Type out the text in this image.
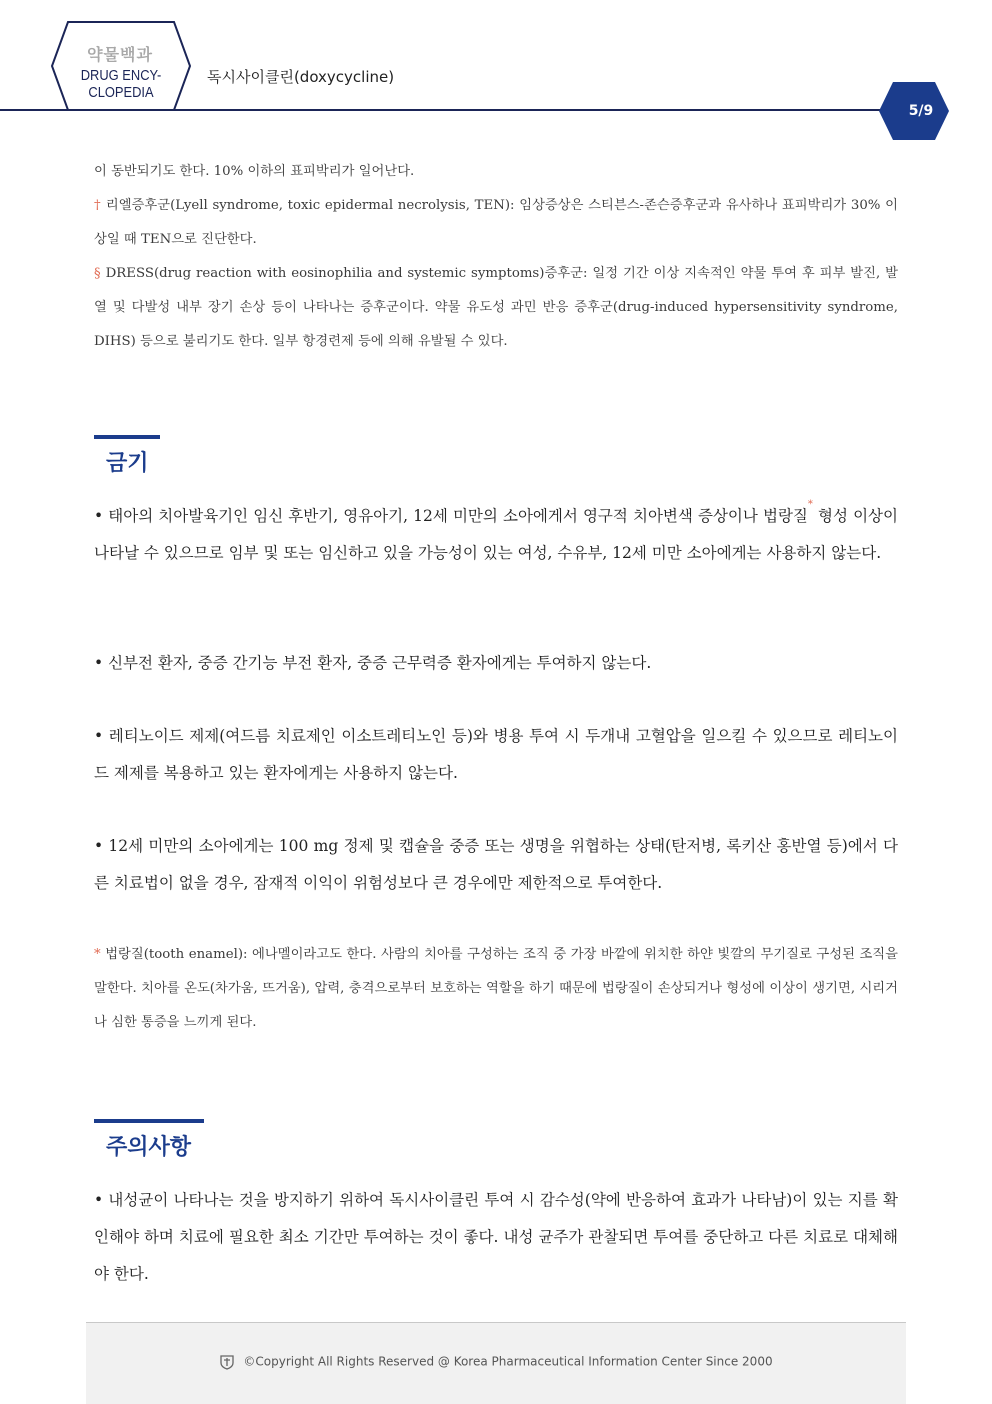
약물백과
DRUG ENCY-
CLOPEDIA
독시사이클린(doxycycline)
5/9

이 동반되기도 한다. 10% 이하의 표피박리가 일어난다.

† 리엘증후군(Lyell syndrome, toxic epidermal necrolysis, TEN): 임상증상은 스티븐스-존슨증후군과 유사하나 표피박리가 30% 이상일 때 TEN으로 진단한다.

§ DRESS(drug reaction with eosinophilia and systemic symptoms)증후군: 일정 기간 이상 지속적인 약물 투여 후 피부 발진, 발열 및 다발성 내부 장기 손상 등이 나타나는 증후군이다. 약물 유도성 과민 반응 증후군(drug-induced hypersensitivity syndrome, DIHS) 등으로 불리기도 한다. 일부 항경련제 등에 의해 유발될 수 있다.

금기

• 태아의 치아발육기인 임신 후반기, 영유아기, 12세 미만의 소아에게서 영구적 치아변색 증상이나 법랑질* 형성 이상이 나타날 수 있으므로 임부 및 또는 임신하고 있을 가능성이 있는 여성, 수유부, 12세 미만 소아에게는 사용하지 않는다.

• 신부전 환자, 중증 간기능 부전 환자, 중증 근무력증 환자에게는 투여하지 않는다.

• 레티노이드 제제(여드름 치료제인 이소트레티노인 등)와 병용 투여 시 두개내 고혈압을 일으킬 수 있으므로 레티노이드 제제를 복용하고 있는 환자에게는 사용하지 않는다.

• 12세 미만의 소아에게는 100 mg 정제 및 캡슐을 중증 또는 생명을 위협하는 상태(탄저병, 록키산 홍반열 등)에서 다른 치료법이 없을 경우, 잠재적 이익이 위험성보다 큰 경우에만 제한적으로 투여한다.

* 법랑질(tooth enamel): 에나멜이라고도 한다. 사람의 치아를 구성하는 조직 중 가장 바깥에 위치한 하얀 빛깔의 무기질로 구성된 조직을 말한다. 치아를 온도(차가움, 뜨거움), 압력, 충격으로부터 보호하는 역할을 하기 때문에 법랑질이 손상되거나 형성에 이상이 생기면, 시리거나 심한 통증을 느끼게 된다.

주의사항

• 내성균이 나타나는 것을 방지하기 위하여 독시사이클린 투여 시 감수성(약에 반응하여 효과가 나타남)이 있는 지를 확인해야 하며 치료에 필요한 최소 기간만 투여하는 것이 좋다. 내성 균주가 관찰되면 투여를 중단하고 다른 치료로 대체해야 한다.

©Copyright All Rights Reserved @ Korea Pharmaceutical Information Center Since 2000
